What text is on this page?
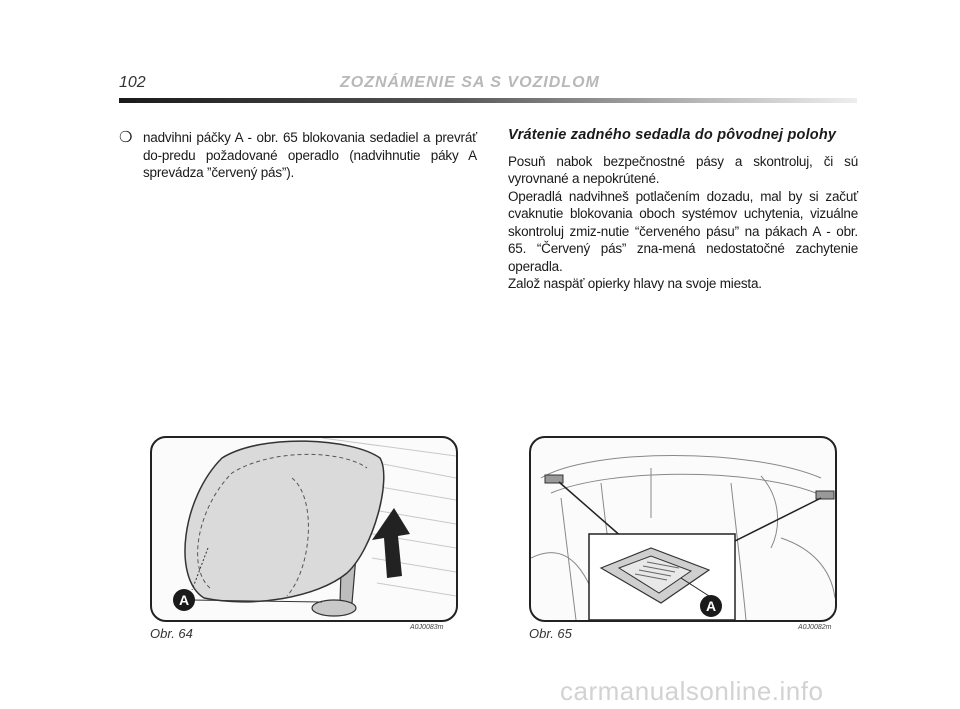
102	ZOZNÁMENIE SA S VOZIDLOM
❍ nadvihni páčky A - obr. 65 blokovania sedadiel a prevráť do-predu požadované operadlo (nadvihnutie páky A sprevádza ”červený pás”).
Vrátenie zadného sedadla do pôvodnej polohy

Posuň nabok bezpečnostné pásy a skontroluj, či sú vyrovnané a nepokrútené.

Operadlá nadvihneš potlačením dozadu, mal by si začuť cvaknutie blokovania oboch systémov uchytenia, vizuálne skontroluj zmiz-nutie “červeného pásu” na pákach A - obr. 65. “Červený pás” zna-mená nedostatočné zachytenie operadla.

Založ naspäť opierky hlavy na svoje miesta.

A
Obr. 64	A0J0083m
A
Obr. 65	A0J0082m
carmanualsonline.info
